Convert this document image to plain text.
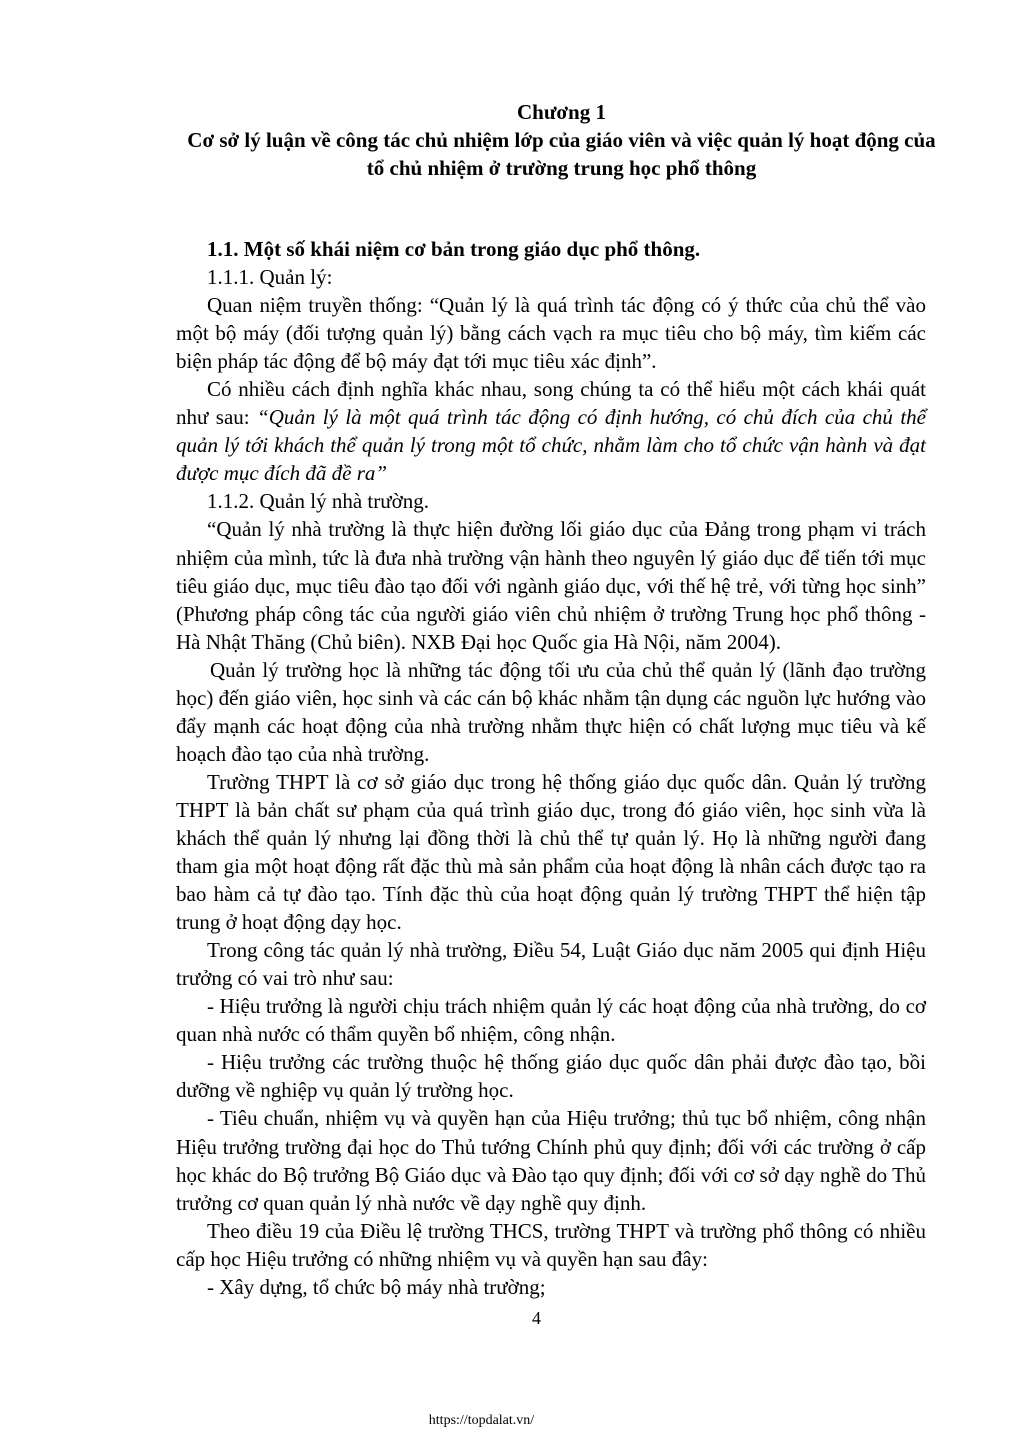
Chương 1
Cơ sở lý luận về công tác chủ nhiệm lớp của giáo viên và việc quản lý hoạt động của tổ chủ nhiệm ở trường trung học phổ thông

1.1. Một số khái niệm cơ bản trong giáo dục phổ thông.

1.1.1. Quản lý:

Quan niệm truyền thống: “Quản lý là quá trình tác động có ý thức của chủ thể vào một bộ máy (đối tượng quản lý) bằng cách vạch ra mục tiêu cho bộ máy, tìm kiếm các biện pháp tác động để bộ máy đạt tới mục tiêu xác định”.

Có nhiều cách định nghĩa khác nhau, song chúng ta có thể hiểu một cách khái quát như sau: “Quản lý là một quá trình tác động có định hướng, có chủ đích của chủ thể quản lý tới khách thể quản lý trong một tổ chức, nhằm làm cho tổ chức vận hành và đạt được mục đích đã đề ra”

1.1.2. Quản lý nhà trường.

“Quản lý nhà trường là thực hiện đường lối giáo dục của Đảng trong phạm vi trách nhiệm của mình, tức là đưa nhà trường vận hành theo nguyên lý giáo dục để tiến tới mục tiêu giáo dục, mục tiêu đào tạo đối với ngành giáo dục, với thế hệ trẻ, với từng học sinh” (Phương pháp công tác của người giáo viên chủ nhiệm ở trường Trung học phổ thông - Hà Nhật Thăng (Chủ biên). NXB Đại học Quốc gia Hà Nội, năm 2004).

Quản lý trường học là những tác động tối ưu của chủ thể quản lý (lãnh đạo trường học) đến giáo viên, học sinh và các cán bộ khác nhằm tận dụng các nguồn lực hướng vào đẩy mạnh các hoạt động của nhà trường nhằm thực hiện có chất lượng mục tiêu và kế hoạch đào tạo của nhà trường.

Trường THPT là cơ sở giáo dục trong hệ thống giáo dục quốc dân. Quản lý trường THPT là bản chất sư phạm của quá trình giáo dục, trong đó giáo viên, học sinh vừa là khách thể quản lý nhưng lại đồng thời là chủ thể tự quản lý. Họ là những người đang tham gia một hoạt động rất đặc thù mà sản phẩm của hoạt động là nhân cách được tạo ra bao hàm cả tự đào tạo. Tính đặc thù của hoạt động quản lý trường THPT thể hiện tập trung ở hoạt động dạy học.

Trong công tác quản lý nhà trường, Điều 54, Luật Giáo dục năm 2005 qui định Hiệu trưởng có vai trò như sau:

- Hiệu trưởng là người chịu trách nhiệm quản lý các hoạt động của nhà trường, do cơ quan nhà nước có thẩm quyền bổ nhiệm, công nhận.

- Hiệu trưởng các trường thuộc hệ thống giáo dục quốc dân phải được đào tạo, bồi dưỡng về nghiệp vụ quản lý trường học.

- Tiêu chuẩn, nhiệm vụ và quyền hạn của Hiệu trưởng; thủ tục bổ nhiệm, công nhận Hiệu trưởng trường đại học do Thủ tướng Chính phủ quy định; đối với các trường ở cấp học khác do Bộ trưởng Bộ Giáo dục và Đào tạo quy định; đối với cơ sở dạy nghề do Thủ trưởng cơ quan quản lý nhà nước về dạy nghề quy định.

Theo điều 19 của Điều lệ trường THCS, trường THPT và trường phổ thông có nhiều cấp học Hiệu trưởng có những nhiệm vụ và quyền hạn sau đây:

- Xây dựng, tổ chức bộ máy nhà trường;

4
https://topdalat.vn/
